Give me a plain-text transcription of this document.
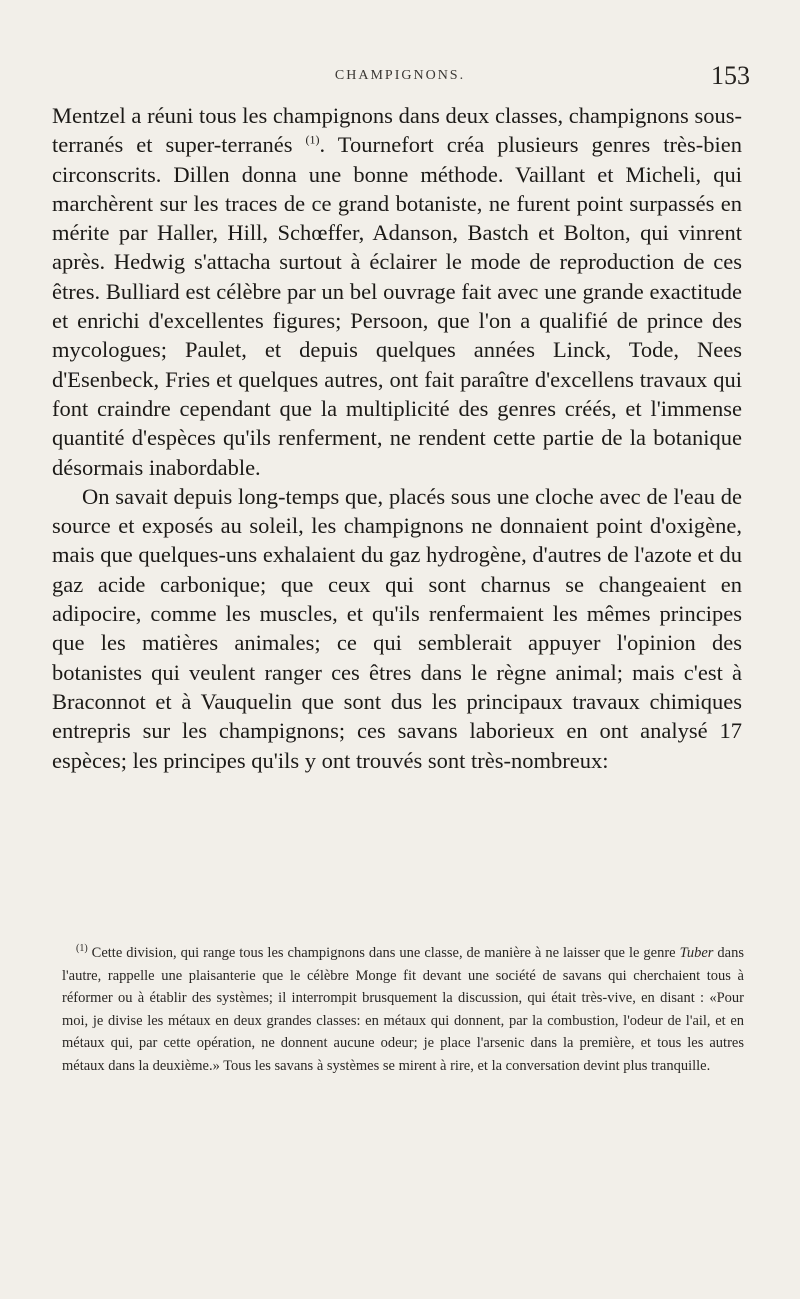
CHAMPIGNONS.	153

Mentzel a réuni tous les champignons dans deux classes, champignons sous-terranés et super-terranés $^{(1)}$. Tournefort créa plusieurs genres très-bien circonscrits. Dillen donna une bonne méthode. Vaillant et Micheli, qui marchèrent sur les traces de ce grand botaniste, ne furent point surpassés en mérite par Haller, Hill, Schœffer, Adanson, Bastch et Bolton, qui vinrent après. Hedwig s'attacha surtout à éclairer le mode de reproduction de ces êtres. Bulliard est célèbre par un bel ouvrage fait avec une grande exactitude et enrichi d'excellentes figures; Persoon, que l'on a qualifié de prince des mycologues; Paulet, et depuis quelques années Linck, Tode, Nees d'Esenbeck, Fries et quelques autres, ont fait paraître d'excellens travaux qui font craindre cependant que la multiplicité des genres créés, et l'immense quantité d'espèces qu'ils renferment, ne rendent cette partie de la botanique désormais inabordable.

On savait depuis long-temps que, placés sous une cloche avec de l'eau de source et exposés au soleil, les champignons ne donnaient point d'oxigène, mais que quelques-uns exhalaient du gaz hydrogène, d'autres de l'azote et du gaz acide carbonique; que ceux qui sont charnus se changeaient en adipocire, comme les muscles, et qu'ils renfermaient les mêmes principes que les matières animales; ce qui semblerait appuyer l'opinion des botanistes qui veulent ranger ces êtres dans le règne animal; mais c'est à Braconnot et à Vauquelin que sont dus les principaux travaux chimiques entrepris sur les champignons; ces savans laborieux en ont analysé 17 espèces; les principes qu'ils y ont trouvés sont très-nombreux:

$^{(1)}$ Cette division, qui range tous les champignons dans une classe, de manière à ne laisser que le genre Tuber dans l'autre, rappelle une plaisanterie que le célèbre Monge fit devant une société de savans qui cherchaient tous à réformer ou à établir des systèmes; il interrompit brusquement la discussion, qui était très-vive, en disant : «Pour moi, je divise les métaux en deux grandes classes: en métaux qui donnent, par la combustion, l'odeur de l'ail, et en métaux qui, par cette opération, ne donnent aucune odeur; je place l'arsenic dans la première, et tous les autres métaux dans la deuxième.» Tous les savans à systèmes se mirent à rire, et la conversation devint plus tranquille.
